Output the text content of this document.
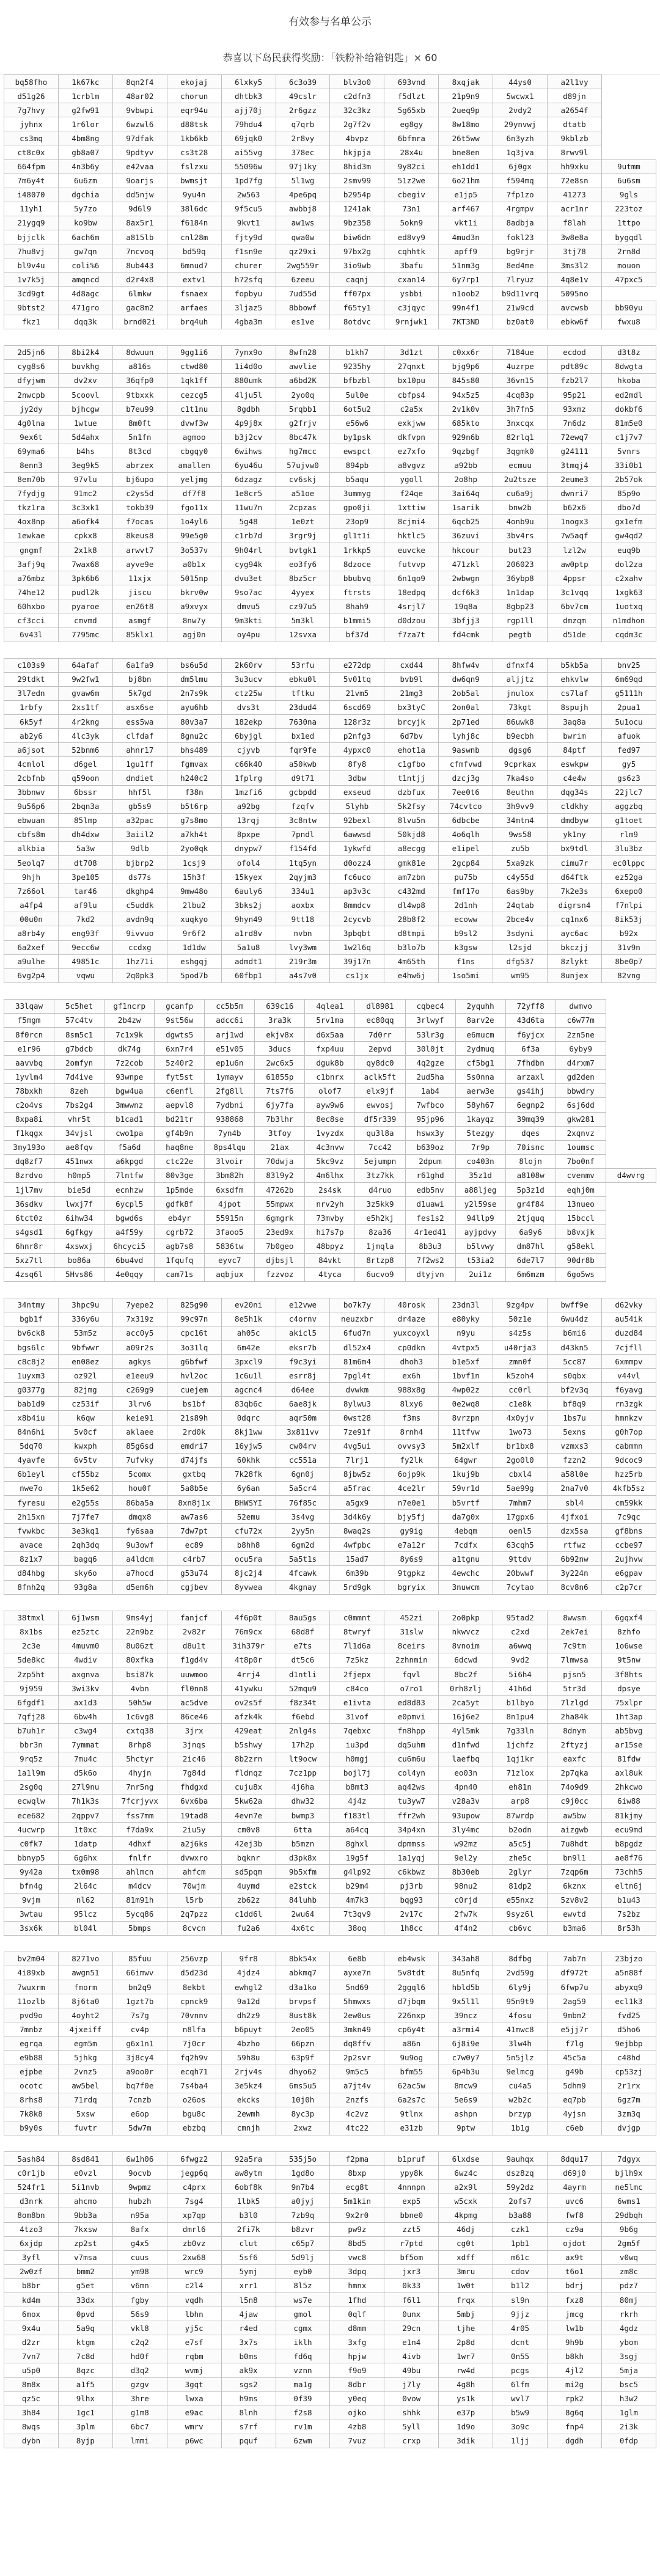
有效参与名单公示
恭喜以下岛民获得奖励：「铁粉补给箱钥匙」× 60
bq58fho	1k67kc	8qn2f4	ekojaj	6lxky5	6c3o39	blv3o0	693vnd	8xqjak	44ys0	a2l1vy	
d51g26	1crblm	48ar02	chorun	dhtbk3	49cslr	c2dfn3	f5dlzt	21p9n9	5wcwx1	d89jn	
7g7hvy	g2fw91	9vbwpi	eqr94u	ajj70j	2r6gzz	32c3kz	5g65xb	2ueq9p	2vdy2	a2654f	
jyhnx	1r6lor	6wzwl6	d88tsk	79hdu4	q7qrb	2g7f2v	eg8gy	8w18mo	29ynvwj	dtatb	
cs3mq	4bm8ng	97dfak	1kb6kb	69jqk0	2r8vy	4bvpz	6bfmra	26t5ww	6n3yzh	9kblzb	
ct8c0x	gb8a07	9pdtyv	cs3t28	ai55vg	378ec	hkjpja	28x4u	bne8en	1q3jva	8rwv9l	
664fpm	4n3b6y	e42vaa	fslzxu	55096w	97j1ky	8hid3m	9y82ci	eh1dd1	6j0gx	hh9xku	9utmm
7m6y4t	6u6zm	9oarjs	bwmsjt	1pd7fg	5l1wg	2smv99	51z2we	6o21hm	f594mq	72e8sn	6u6sm
i48070	dgchia	dd5njw	9yu4n	2w563	4pe6pq	b2954p	cbegiv	e1jp5	7fp1zo	41273	9gls
11yh1	5y7zo	9d6l9	38l6dc	9f5cu5	awbbj8	1241ak	73n1	arf467	4rgmpv	acr1nr	223toz
21ygq9	ko9bw	8ax5r1	f6184n	9kvt1	aw1ws	9bz358	5okn9	vkt1i	8adbja	f8lah	1ttpo
bjjclk	6ach6m	a815lb	cnl28m	fjty9d	qwa0w	biw6dn	ed8vy9	4mud3n	fokl23	3w8e8a	bygqdl
7hu8vj	gw7qn	7ncvoq	bd59q	f1sn9e	qz29xi	97bx2g	cqhhtk	apff9	bg9rjr	3tj78	2rn8d
bl9v4u	coli%6	8ub443	6mnud7	churer	2wg559r	3io9wb	3bafu	51nm3g	8ed4me	3ms3l2	mouon
1v7k5j	amqncd	d2r4x8	extv1	h72sfq	6zeeu	caqnj	cxan14	6y7rp1	7lryuz	4q8e1v	47pxc5
3cd9gt	4d8agc	6lmkw	fsnaex	fopbyu	7ud55d	ff07px	ysbbi	n1oob2	b9d11vrq	5095no	
9btst2	471gro	gac8m2	arfaes	3ljaz5	8bbowf	f65ty1	c3jqyc	99n4f1	21w9cd	avcwsb	bb90yu
fkz1	dqq3k	brnd02i	brq4uh	4gba3m	es1ve	8otdvc	9rnjwk1	7KT3ND	bz0at0	ebkw6f	fwxu8
2d5jn6	8bi2k4	8dwuun	9gg1i6	7ynx9o	8wfn28	b1kh7	3d1zt	c0xx6r	7184ue	ecdod	d3t8z
cyg8s6	buvkhg	a816s	ctwd80	1i4d0o	awvlie	9235hy	27qnxt	bjg9p6	4uzrpe	pdt89c	8dwgta
dfyjwm	dv2xv	36qfp0	1qk1ff	880umk	a6bd2K	bfbzbl	bx10pu	845s80	36vn15	fzb2l7	hkoba
2nwcpb	5coovl	9tbxxk	cezcg5	4lju5l	2yo0q	5ul0e	cbfps4	94x5z5	4cq83p	95p21	ed2mdl
jy2dy	bjhcgw	b7eu99	c1t1nu	8gdbh	5rqbb1	6ot5u2	c2a5x	2v1k0v	3h7fn5	93xmz	dokbf6
4g0lna	1wtue	8m0ft	dvwf3w	4p9j8x	g2frjv	e56w6	exkjww	685kto	3nxcqx	7n6dz	81m5e0
9ex6t	5d4ahx	5n1fn	agmoo	b3j2cv	8bc47k	by1psk	dkfvpn	929n6b	82rlq1	72ewq7	c1j7v7
69yma6	b4hs	8t3cd	cbgqy0	6wihws	hg7mcc	ewspct	ez7xfo	9qzbgf	3qgmk0	g24111	5vnrs
8enn3	3eg9k5	abrzex	amallen	6yu46u	57ujvw0	894pb	a8vgvz	a92bb	ecmuu	3tmqj4	33i0b1
8em70b	97vlu	bj6upo	yeljmg	6dzagz	cv6skj	b5aqu	ygoll	2o8hp	2u2tsze	2eume3	2b57ok
7fydjg	91mc2	c2ys5d	df7f8	1e8cr5	a51oe	3ummyg	f24qe	3ai64q	cu6a9j	dwnri7	85p9o
tkz1ra	3c3xk1	tokb39	fgo11x	11wu7n	2cpzas	gpo0ji	1xttiw	1sarik	bnw2b	b62x6	dbo7d
4ox8np	a6ofk4	f7ocas	1o4yl6	5g48	1e0zt	23op9	8cjmi4	6qcb25	4onb9u	1nogx3	gx1efm
1ewkae	cpkx8	8keus8	99e5g0	c1rb7d	3rgr9j	gl1t1i	hktlc5	36zuvi	3bv4rs	7w5aqf	gw4qd2
gngmf	2x1k8	arwvt7	3o537v	9h04rl	bvtgk1	1rkkp5	euvcke	hkcour	but23	lzl2w	euq9b
3afj9q	7wax68	ayve9e	a0b1x	cyg94k	eo3fy6	8dzoce	futvvp	471zkl	206023	aw0ptp	dol2za
a76mbz	3pk6b6	11xjx	5015np	dvu3et	8bz5cr	bbubvq	6n1qo9	2wbwgn	36ybp8	4ppsr	c2xahv
74he12	pudl2k	jiscu	bkrv0w	9so7ac	4yyex	ftrsts	18edpq	dcf6k3	1n1dap	3c1vqq	1xgk63
60hxbo	pyaroe	en26t8	a9xvyx	dmvu5	cz97u5	8hah9	4srjl7	19q8a	8gbp23	6bv7cm	1uotxq
cf3cci	cmvmd	asmgf	8nw7y	9m3kti	5m3kl	b1mmi5	d0dzou	3bfjj3	rgp1ll	dmzqm	n1mdhon
6v43l	7795mc	85klx1	agj0n	oy4pu	12svxa	bf37d	f7za7t	fd4cmk	pegtb	d51de	cqdm3c
c103s9	64afaf	6a1fa9	bs6u5d	2k60rv	53rfu	e272dp	cxd44	8hfw4v	dfnxf4	b5kb5a	bnv25
29tdkt	9w2fw1	bj8bn	dm5lmu	3u3ucv	ebku0l	5v01tq	bvb9l	dw6qn9	aljjtz	ehkvlw	6m69qd
3l7edn	gvaw6m	5k7gd	2n7s9k	ctz25w	tftku	21vm5	21mg3	2ob5al	jnulox	cs7laf	g5111h
1rbfy	2xs1tf	asx6se	ayu6hb	dvs3t	23dud4	6scd69	bx3tyC	2on0al	73kgt	8spujh	2pua1
6k5yf	4r2kng	ess5wa	80v3a7	182ekp	7630na	128r3z	brcyjk	2p71ed	86uwk8	3aq8a	5u1ocu
ab2y6	4lc3yk	clfdaf	8gnu2c	6byjgl	bx1ed	p2nfg3	6d7bv	lyhj8c	b9ecbh	bwrim	afuok
a6jsot	52bnm6	ahnr17	bhs489	cjyvb	fqr9fe	4ypxc0	ehot1a	9aswnb	dgsg6	84ptf	fed97
4cmlol	d6gel	1gu1ff	fgmvax	c66k40	a50kwb	8fy8	c1gfbo	cfmfvwd	9cprkax	eswkpw	gy5
2cbfnb	q59oon	dndiet	h240c2	1fplrg	d9t71	3dbw	t1ntjj	dzcj3g	7ka4so	c4e4w	gs6z3
3bbnwv	6bssr	hhf5l	f38n	1mzfi6	gcbpdd	exseud	dzbfux	7ee0t6	8euthn	dqg34s	22jlc7
9u56p6	2bqn3a	gb5s9	b5t6rp	a92bg	fzqfv	5lyhb	5k2fsy	74cvtco	3h9vv9	cldkhy	aggzbq
ebwuan	85lmp	a32pac	g7s8mo	13rqj	3c8ntw	92bexl	8lvu5n	6dbcbe	34mtn4	dmdbyw	g1toet
cbfs8m	dh4dxw	3aiil2	a7kh4t	8pxpe	7pndl	6awwsd	50kjd8	4o6qlh	9ws58	yk1ny	rlm9
alkbia	5a3w	9dlb	2yo0qk	dnypw7	f154fd	1ykwfd	a8ecgg	e1ipel	zu5b	bx9tdl	3lu3bz
5eolq7	dt708	bjbrp2	1csj9	ofol4	1tq5yn	d0ozz4	gmk81e	2gcp84	5xa9zk	cimu7r	ec0lppc
9hjh	3pe105	ds77s	15h3f	15kyex	2qyjm3	fc6uco	am7zbn	pu75b	c4y55d	d64ftk	ez52ga
7z66ol	tar46	dkghp4	9mw48o	6auly6	334u1	ap3v3c	c432md	fmf17o	6as9by	7k2e3s	6xepo0
a4fp4	af9lu	c5uddk	2lbu2	3bks2j	aoxbx	8mmdcv	dl4wp8	2d1nh	24qtab	digrsn4	f7nlpi
00u0n	7kd2	avdn9q	xuqkyo	9hyn49	9tt18	2cycvb	28b8f2	ecoww	2bce4v	cq1nx6	8ik53j
a8rb4y	eng93f	9ivvuo	9r6f2	a1rd8v	nvbn	3pbqbt	d8tmpi	b9sl2	3sdyni	ayc6ac	b92x
6a2xef	9ecc6w	ccdxg	1d1dw	5a1u8	lvy3wm	1w2l6q	b3lo7b	k3gsw	l2sjd	bkczjj	31v9n
a9ulhe	49851c	1hz71i	eshgqj	admdt1	219r3m	39j17n	4m65th	f1ns	dfg537	8zlykt	8be0p7
6vg2p4	vqwu	2q0pk3	5pod7b	60fbp1	a4s7v0	cs1jx	e4hw6j	1so5mi	wm95	8unjex	82vng
33lqaw	5c5het	gf1ncrp	gcanfp	cc5b5m	639c16	4qlea1	dl8981	cqbec4	2yquhh	72yff8	dwmvo	
f5mgm	57c4tv	2b4zw	9st56w	adcc6i	3ra3k	5rv1ma	ec80qq	3rlwyf	8arv2e	43d6ta	c6w77m	
8f0rcn	8sm5c1	7c1x9k	dgwts5	arj1wd	ekjv8x	d6x5aa	7d0rr	53lr3g	e6mucm	f6yjcx	2zn5ne	
e1r96	g7bdcb	dk74g	6xn7r4	e51v05	3ducs	fxp4uu	2epvd	30l0jt	2ydmuq	6f3a	6yby9	
aavvbq	2omfyn	7z2cob	5z40r2	ep1u6n	2wc6x5	dguk8b	qy8dc0	4q2gze	cf5bg1	7fhdbn	d4rxm7	
1yvlm4	7d4ive	93wnpe	fyt5st	1ymayv	61855p	c1bnrx	aclk5ft	2ud5ha	5s0nna	arzaxl	gd2den	
78bxkh	8zeh	bgw4ua	c6enfl	2fg8ll	7ts7f6	olof7	elx9jf	1ab4	aerw3e	gs4ihj	bbwdry	
c2o4vs	7bs2g4	3mwwnz	aepvl8	7ydbni	6jy7fa	ayw9w6	ewvosj	7wfbco	58yh67	6egnp2	6sj6dd	
8xpa8i	vhr5t	b1cad1	bd21tr	938868	7b3lhr	8ec8se	df5r339	95jp96	1kayqz	39mq39	gkw281	
f1kqgx	34vjsl	cwo1pa	gf4b9n	7yn4b	3tfoy	1vyzdx	qu3l8a	hswx3y	5tezgy	dqes	2xqnvz	
3my193o	ae8fqv	f5a6d	haq8ne	8ps4lqu	21ax	4c3nvw	7cc42	b639oz	7r9p	70isnc	1oumsc	
dq8zf7	451nwx	a6kpgd	ctc22e	3lvoir	70dwja	5kc9vz	5ejumpn	2dpum	co403n	8lojn	7bo0nf	
8zrdvo	h0mp5	7lntfw	80v3ge	3bm82h	83l9y2	4m6lhx	3tz7kk	r61ghd	35z1d	a8108w	cvenmv	d4wvrg
1jl7mv	bie5d	ecnhzw	1p5mde	6xsdfm	47262b	2s4sk	d4ruo	edb5nv	a88ljeg	5p3z1d	eqhj0m	
36sdkv	lwxj7f	6ycpl5	gdfk8f	4jpot	55mpwx	nrv2yh	3z5kk9	d1uawi	y2l59se	gr4f84	13nueo	
6tct0z	6ihw34	bgwd6s	eb4yr	55915n	6gmgrk	73mvby	e5h2kj	fes1s2	94llp9	2tjquq	15bccl	
s4gsd1	6gfkgy	a4f59y	cgrb72	3faoo5	23ed9x	hi7s7p	8za36	4r1ed41	ayjpdvy	6a9y6	b8vxjk	
6hnr8r	4xswxj	6hcyci5	agb7s8	5836tw	7b0geo	48bpyz	1jmqla	8b3u3	b5lvwy	dm87hl	g58ekl	
5xz7tl	bo86a	6bu4vd	1fqufq	eyvc7	djbsjl	84vkt	8rtzp8	7f2ws2	t53ia2	6de7l7	90dr8b	
4zsq6l	5Hvs86	4e0qqy	cam71s	aqbjux	fzzvoz	4tyca	6ucvo9	dtyjvn	2ui1z	6m6mzm	6go5ws	
34ntmy	3hpc9u	7yepe2	825g90	ev20ni	e12vwe	bo7k7y	40rosk	23dn3l	9zg4pv	bwff9e	d62vky
bgb1f	336y6u	7x319z	99c97n	8e5h1k	c4ornv	neuzxbr	dr4aze	e80yky	50z1e	6wu4dz	au54ik
bv6ck8	53m5z	acc0y5	cpc16t	ah05c	akicl5	6fud7n	yuxcoyxl	n9yu	s4z5s	b6mi6	duzd84
bgs6lc	9bfwwr	a09r2s	3o31lq	6m42e	eksr7b	dl52x4	cp0dkn	4vtpx5	u40rja3	d43kn5	7cjfll
c8c8j2	en08ez	agkys	g6bfwf	3pxcl9	f9c3yi	81m6m4	dhoh3	b1e5xf	zmn0f	5cc87	6xmmpv
1uyxm3	oz92l	e1eeu9	hvl2oc	1c6u1l	esrr8j	7pgl4t	ex6h	1bvf1n	k5zoh4	s0qbx	v44vl
g0377g	82jmg	c269g9	cuejem	agcnc4	d64ee	dvwkm	988x8g	4wp02z	cc0rl	bf2v3q	f6yavg
bab1d9	cz53if	3lrv6	bs1bf	83qb6c	6ae8jk	8ylwu3	8lxy6	0e2wq8	c1e8k	bf8q9	rn3zgk
x8b4iu	k6qw	keie91	21s89h	0dqrc	aqr50m	0wst28	f3ms	8vrzpn	4x0yjv	1bs7u	hmnkzv
84n6hi	5v0cf	aklaee	2rd0k	8kj1ww	3x811vv	7ze91f	8rnh4	11tfvw	1wo73	5exns	g0h7op
5dq70	kwxph	85g6sd	emdri7	16yjw5	cw04rv	4vg5ui	ovvsy3	5m2xlf	br1bx8	vzmxs3	cabmmn
4yavfe	6v5tv	7ufvky	d74jfs	60khk	cc551a	7lrj1	fy2lk	64gwr	2go0l0	fzzn2	9dcoc9
6b1eyl	cf55bz	5comx	gxtbq	7k28fk	6gn0j	8jbw5z	6ojp9k	1kuj9b	cbxl4	a58l0e	hzz5rb
nwe7o	1k5e62	hou0f	5a8b5e	6y6an	5a5cr4	a5frac	4ce2lr	59vr1d	5ae99g	2na7v0	4kfb5sz
fyresu	e2g55s	86ba5a	8xn8j1x	BHWSYI	76f85c	a5gx9	n7e0e1	b5vrtf	7mhm7	sbl4	cm59kk
2h15xn	7j7fe7	dmqx8	aw7as6	52emu	3s4vg	3d4k6y	bjy5fj	da7g0x	17gpx6	4jfxoi	7c9qc
fvwkbc	3e3kq1	fy6saa	7dw7pt	cfu72x	2yy5n	8waq2s	gy9ig	4ebqm	oenl5	dzx5sa	gf8bns
avace	2qh3dq	9u3owf	ec89	b8hh8	6gm2d	4wfpbc	e7a12r	7cdfx	63cqh5	rtfwz	ccbe97
8z1x7	bagq6	a4ldcm	c4rb7	ocu5ra	5a5t1s	15ad7	8y6s9	a1tgnu	9ttdv	6b92nw	2ujhvw
d84hbg	sky6o	a7hocd	g53u74	8jc2j4	4fcawk	6m39b	9tgpkz	4ewchc	20bwwf	3y224n	e6gpav
8fnh2q	93g8a	d5em6h	cgjbev	8yvwea	4kgnay	5rd9gk	bgryix	3nuwcm	7cytao	8cv8n6	c2p7cr
38tmxl	6j1wsm	9ms4yj	fanjcf	4f6p0t	8au5gs	c0mmnt	452zi	2o0pkp	95tad2	8wwsm	6gqxf4
8x1bs	ez5ztc	22n9bz	2v82r	76m9cx	68d8f	8twryf	31slw	nkwvcz	c2xd	2ek7ei	8zhfo
2c3e	4muvm0	8u06zt	d8u1t	3ih379r	e7ts	7l1d6a	8ceirs	8vnoim	a6wwq	7c9tm	1o6wse
5de8kc	4wdiv	80xfka	f1gd4v	4t8p0r	dt5c6	7z5kz	2zhnmin	6dcwd	9vd2	7lmwsa	9t5nw
2zp5ht	axgnva	bsi87k	uuwmoo	4rrj4	d1ntli	2fjepx	fqvl	8bc2f	5i6h4	pjsn5	3f8hts
9j959	3wi3kv	4vbn	fl0nn8	41ywku	52mqu9	c84co	o7ro1	0rh8zlj	41h6d	5tr3d	dpsye
6fgdf1	ax1d3	50h5w	ac5dve	ov2s5f	f8z34t	e1ivta	ed8d83	2ca5yt	b1lbyo	7lzlgd	75xlpr
7qfj28	6bw4h	1c6vg8	86ce46	afzk4k	f6ebd	31vof	e0pmvi	16j6e2	8n1pu4	2ha84k	1ht3ap
b7uh1r	c3wg4	cxtq38	3jrx	429eat	2nlg4s	7qebxc	fn8hpp	4yl5mk	7g33ln	8dnym	ab5bvg
bbr3n	7ymmat	8rhp8	3jnqs	b5shwy	17h2p	iu3pd	dq5uhm	d1nfwd	1jchfz	2ftyzj	ar15se
9rq5z	7mu4c	5hctyr	2ic46	8b2zrn	lt9ocw	h0mgj	cu6m6u	laefbq	1qj1kr	eaxfc	81fdw
1a1l9m	d5k6o	4hyjn	7g84d	fldnqz	7cz1pp	bojl7j	col4yn	eo03n	71zlox	2p7qka	axl8uk
2sg0q	27l9nu	7nr5ng	fhdgxd	cuju8x	4j6ha	b8mt3	aq42ws	4pn40	eh81n	74o9d9	2hkcwo
ecwqlw	7h1k3s	7fcrjyvx	6vx6ba	5kw62a	dhw32	4j4z	tu3yw7	v28a3v	arp8	c9j0cc	6iw88
ece682	2qppv7	fss7mm	19tad8	4evn7e	bwmp3	f183tl	ffr2wh	93upow	87wrdp	aw5bw	81kjmy
4ucwrp	1t0xc	f7da9x	2iu5y	cm0v8	6tta	a64cq	34p4xn	3ly4mc	b2odn	aizgwb	ecu9md
c0fk7	1datp	4dhxf	a2j6ks	42ej3b	b5mzn	8ghxl	dpmmss	w92mz	a5c5j	7u8hdt	b8pgdz
bbnyp5	6g6hx	fnlfr	dvwxro	bqknr	d3pk8x	19g5f	1a1yqj	9el2y	zhe5c	bn9l1	ae8f76
9y42a	tx0m98	ahlmcn	ahfcm	sd5pqm	9b5xfm	g4lp92	c6kbwz	8b30eb	2glyr	7zqp6m	73chh5
bfn4g	2l64c	m4dcv	70wjm	4uymd	e2stck	b29m4	pj3rb	98nu2	81dp2	6kznx	eltn6j
9vjm	nl62	81m91h	l5rb	zb62z	84luhb	4m7k3	bqg93	c0rjd	e55nxz	5zv8v2	b1u43
3wtau	95lcz	5ycq86	2q7pzz	c1dd6l	2wu64	7t3qv9	2v17c	2fw7k	9syz6l	ewvtd	7s2bz
3sx6k	bl04l	5bmps	8cvcn	fu2a6	4x6tc	38oq	1h8cc	4f4n2	cb6vc	b3ma6	8r53h
bv2m04	8271vo	85fuu	256vzp	9fr8	8bk54x	6e8b	eb4wsk	343ah8	8dfbg	7ab7n	23bjzo
4i89xb	awgn51	66imwv	d5d23d	4jdz4	abkmq7	ayxe7n	5v8tdt	8u5nfq	2vd59g	df972t	a5n88f
7wuxrm	fmorm	bn2q9	8ekbt	ewhgl2	d3a1ko	5nd69	2ggql6	hbld5b	6ly9j	6fwp7u	abyxq9
11ozlb	8j6ta0	1gzt7b	cpnck9	9a12d	brvpsf	5hmwxs	d7jbqm	9x5l1l	95n9t9	2ag59	ecl1k3
pvd9o	4oyht2	7s7g	70vnnv	dh2z9	8ust8k	2ew0us	226nxp	39ncz	4fosu	9mbm2	fvd25
7mnbz	4jxeiff	cv4p	n8lfa	b6puyt	2eo05	3mkn49	cp6y4t	a3rmi4	41mwc8	e5jj7r	d5ho6
egrqa	egm5m	g6x1n1	7j0cr	4bzho	66pzn	dq8ffv	a86n	6j8i9e	3lw4h	f7lg	9ejbbp
e9b88	5jhkg	3j8cy4	fq2h9v	59h8u	63p9f	2p2svr	9u9og	c7w0y7	5n5jlz	45c5a	c48hd
ejpbe	2vnz5	a9oo0r	ecqh71	2rjv4s	dhyo62	9m5c5	bfm55	6p4b3u	9elmcg	g49b	cp53zj
ocotc	aw5bel	bq7f0e	7s4ba4	3e5kz4	6ms5u5	a7jt4v	62ac5w	8mcw9	cu4a5	5dhm9	2r1rx
8rhs8	71rdq	7cnzb	o26os	ekcks	10j0h	2nzfs	6a2s7c	5e6s9	w2b2c	eq7pb	6gz7m
7k8k8	5xsw	e6op	bgu8c	2ewmh	8yc3p	4c2vz	9tlnx	ashpn	brzyp	4yjsn	3zm3q
b9y0s	fuvtr	5dw7m	ebzbq	cmnjh	2xwz	4tc22	e31zb	9ptw	1b1g	c6eb	dvjgp
5ash84	8sd841	6w1h06	6fwgz2	92a5ra	535j5o	f2pma	b1pruf	6lxdse	9auhqx	8dqu17	7dgyx
c0r1jb	e0vzl	9ocvb	jegp6q	aw8ytm	1gd8o	8bxp	ypy8k	6wz4c	dsz8zq	d69j0	bjlh9x
524fr1	5i1nvb	9wpmz	c4prx	6obf8k	9n7b4	ecg8t	4nnnpn	a2x9l	59y2dz	4ayrm	ne5lmc
d3nrk	ahcmo	hubzh	7sg4	1lbk5	a0jyj	5m1kin	exp5	w5cxk	2ofs7	uvc6	6wms1
8om8bn	9bb3a	n95a	xp7qp	b3l0	7zb9q	9x2r0	bbne0	4kpmg	b3a88	fwf8	29dbqh
4tzo3	7kxsw	8afx	dmrl6	2fi7k	b8zvr	pw9z	zzt5	46dj	czk1	cz9a	9b6g
6xjdp	zp2st	g4x5	zb0vz	clut	c65p7	8bd5	r7ptd	cg0t	1pb1	ojdot	2gm5f
3yfl	v7msa	cuus	2xw68	5sf6	5d9lj	vwc8	bf5om	xdff	m61c	ax9t	v0wq
2w0zf	bmm2	ym98	wrc9	5ymj	eyb0	3dpq	jxr3	3mru	cdov	t6o1	zm8c
b8br	g5et	v6mn	c2l4	xrr1	8l5z	hmnx	0k33	1w0t	b1l2	bdrj	pdz7
kd4m	33dx	fgby	vqdh	l5n8	ws7e	1fhd	f6l1	frqx	sl9n	fxz8	80mj
6mox	0pvd	56s9	lbhn	4jaw	gmol	0qlf	0unx	5mbj	9jjz	jmcg	rkrh
9x4u	5a9q	vkl8	yj5c	r4ed	cgmx	d8mm	29cn	tjhe	4r05	lw1b	4gdz
d2zr	ktgm	c2q2	e7sf	3x7s	iklh	3xfg	e1n4	2p8d	dcnt	9h9b	ybom
7vn7	7c8d	hd0f	rqbm	b0ms	fd6q	hpjw	4ivb	1wr7	0n55	b8kh	3sgj
u5p0	8qzc	d3q2	wvmj	ak9x	vznn	f9o9	49bu	rw4d	pcgs	4jl2	5mja
8m8x	a1f5	gzgv	3gqt	sgs2	ma1g	8dbr	j7ly	4g8h	6lfm	mi2g	bsc5
qz5c	9lhx	3hre	lwxa	h9ms	0f39	y0eq	0vow	ys1k	wvl7	rpk2	h3w2
3h84	1gc1	g1m8	e9ac	8lnh	f2s8	ojko	shhk	e37p	b5w9	8g6q	1glm
8wqs	3plm	6bc7	wmrv	s7rf	rv1m	4zb8	5yll	1d9o	3o9c	fnp4	2i3k
dybn	8yjp	lmmi	p6wc	pquf	6zwm	7vuz	crxp	3dik	1ljj	dgdh	0fdp
